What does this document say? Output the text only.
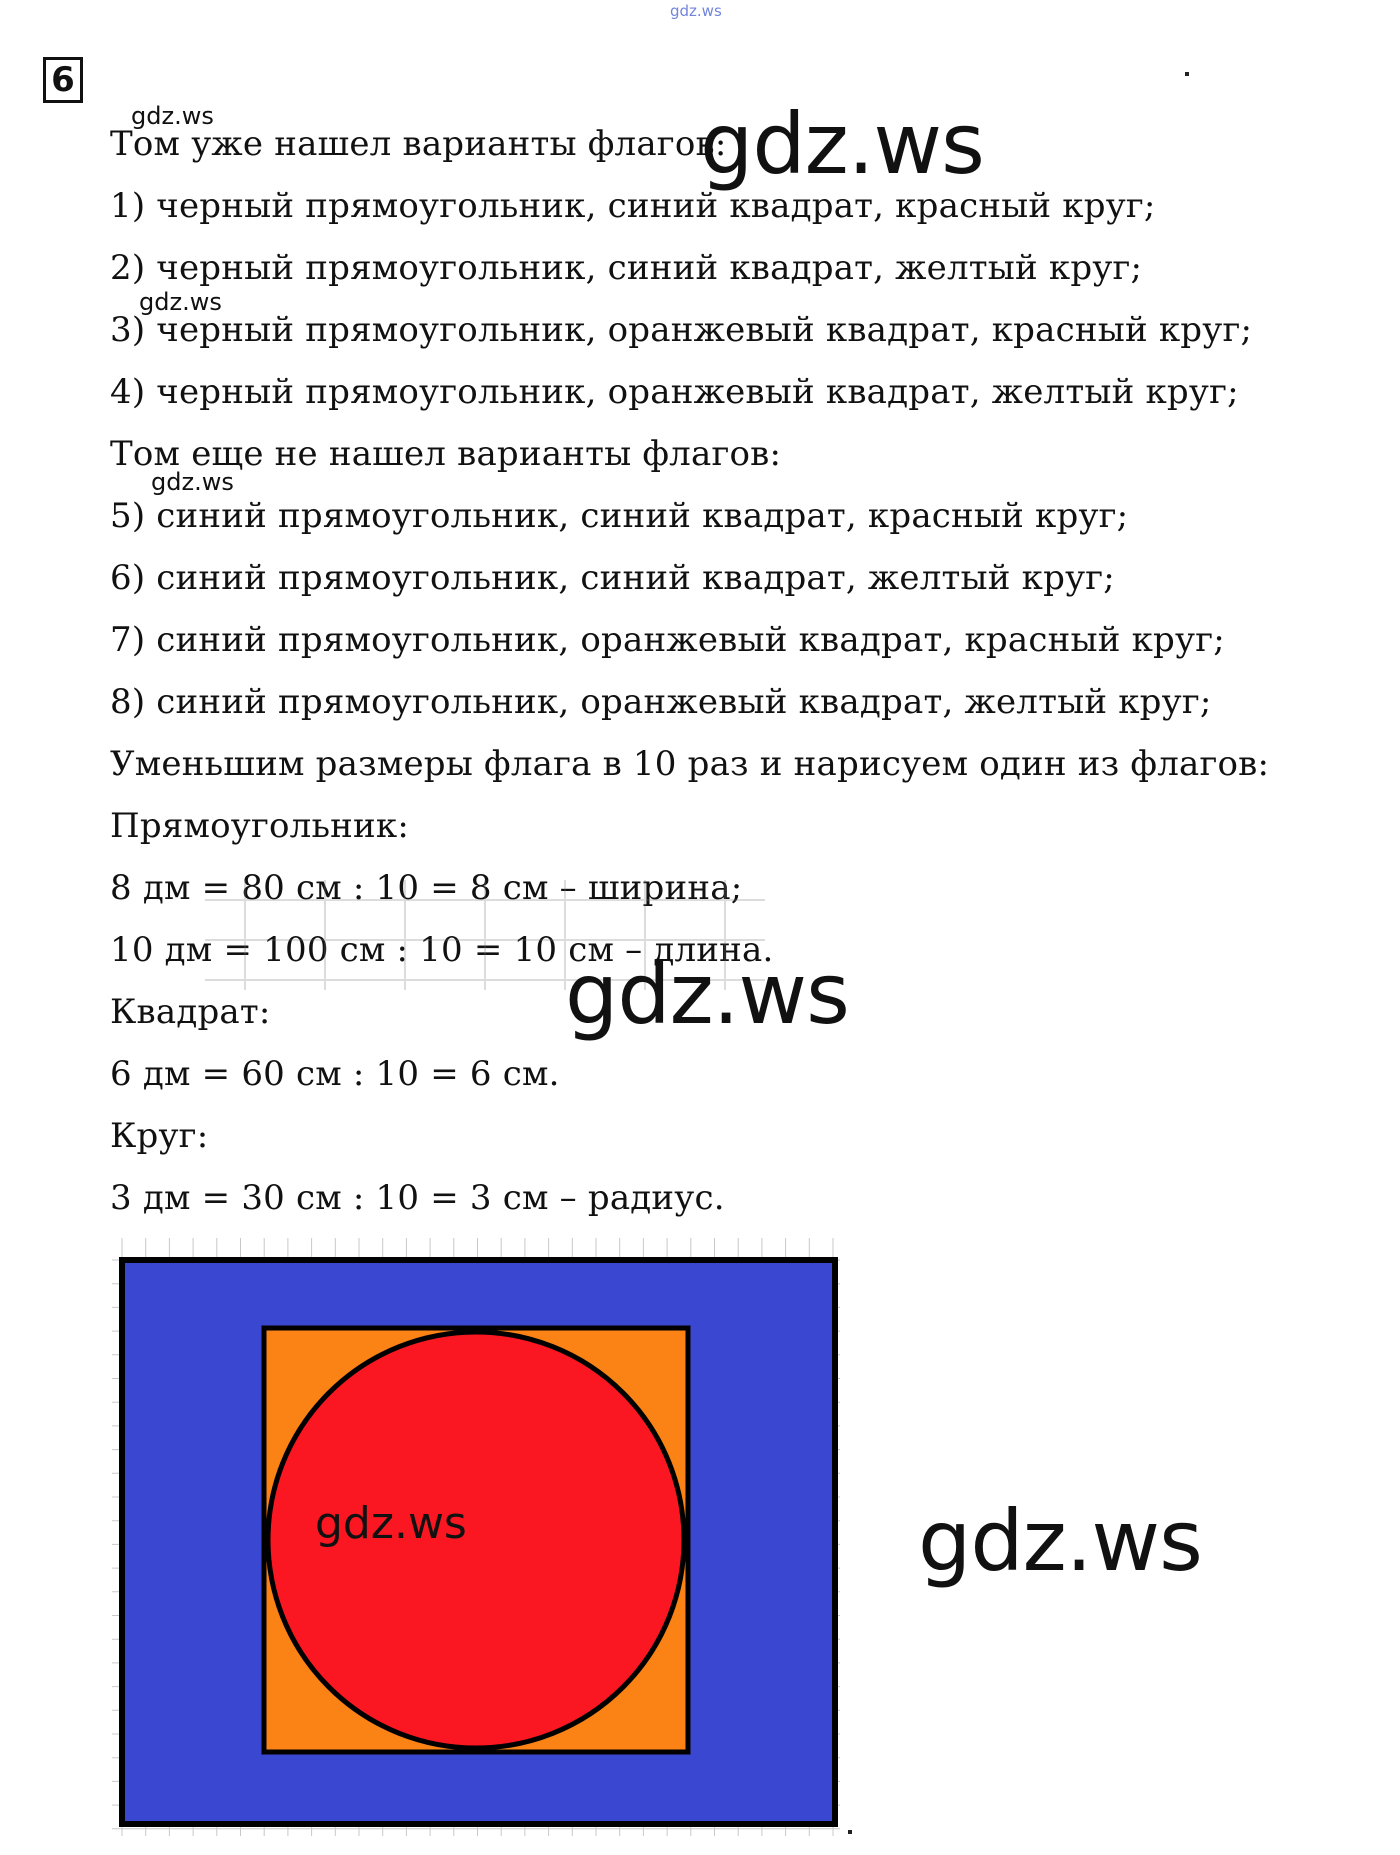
gdz.ws
6
Том уже нашел варианты флагов:
1) черный прямоугольник, синий квадрат, красный круг;
2) черный прямоугольник, синий квадрат, желтый круг;
3) черный прямоугольник, оранжевый квадрат, красный круг;
4) черный прямоугольник, оранжевый квадрат, желтый круг;
Том еще не нашел варианты флагов:
5) синий прямоугольник, синий квадрат, красный круг;
6) синий прямоугольник, синий квадрат, желтый круг;
7) синий прямоугольник, оранжевый квадрат, красный круг;
8) синий прямоугольник, оранжевый квадрат, желтый круг;
Уменьшим размеры флага в 10 раз и нарисуем один из флагов:
Прямоугольник:
8 дм = 80 см : 10 = 8 см – ширина;
10 дм = 100 см : 10 = 10 см – длина.
Квадрат:
6 дм = 60 см : 10 = 6 см.
Круг:
3 дм = 30 см : 10 = 3 см – радиус.
gdz.ws
gdz.ws
gdz.ws
gdz.ws
gdz.ws
gdz.ws
gdz.ws
